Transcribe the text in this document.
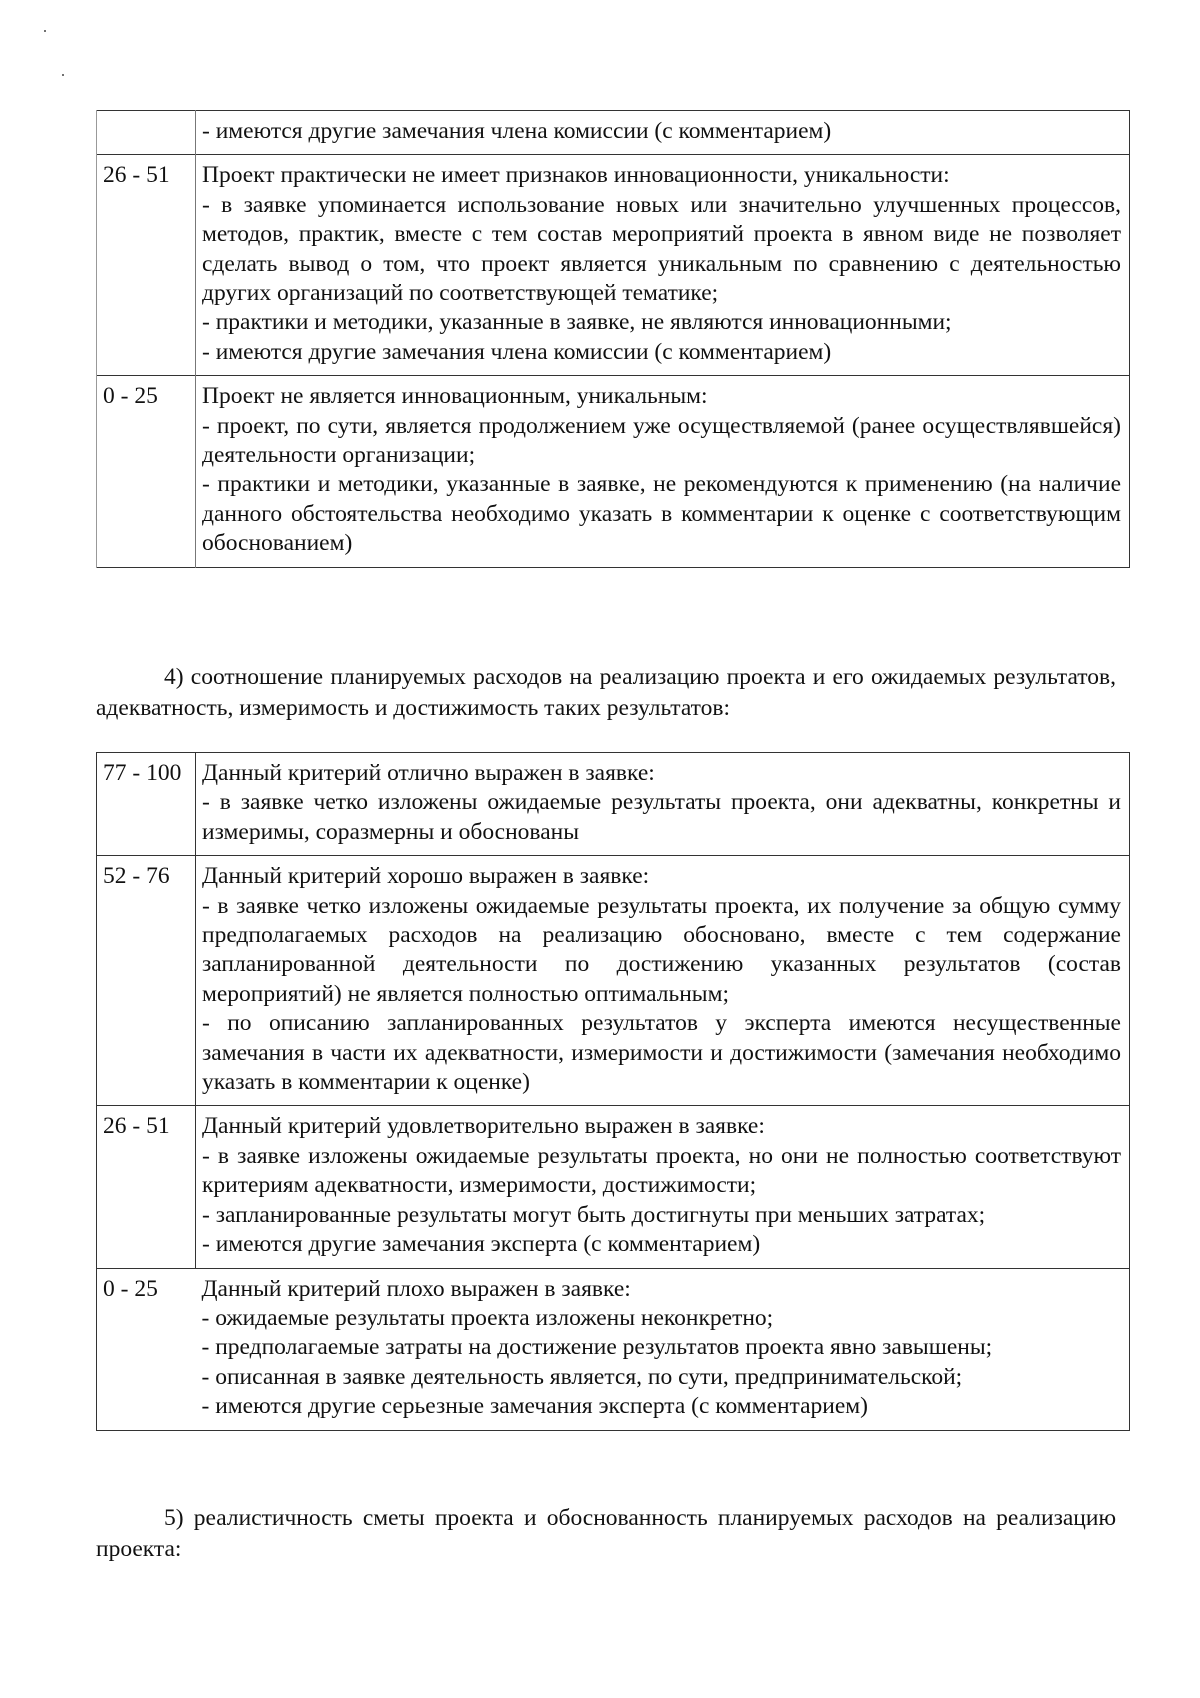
	- имеются другие замечания члена комиссии (с комментарием)

26 - 51	Проект практически не имеет признаков инновационности, уникальности:
- в заявке упоминается использование новых или значительно улучшенных процессов, методов, практик, вместе с тем состав мероприятий проекта в явном виде не позволяет сделать вывод о том, что проект является уникальным по сравнению с деятельностью других организаций по соответствующей тематике;
- практики и методики, указанные в заявке, не являются инновационными;
- имеются другие замечания члена комиссии (с комментарием)

0 - 25	Проект не является инновационным, уникальным:
- проект, по сути, является продолжением уже осуществляемой (ранее осуществлявшейся) деятельности организации;
- практики и методики, указанные в заявке, не рекомендуются к применению (на наличие данного обстоятельства необходимо указать в комментарии к оценке с соответствующим обоснованием)

4) соотношение планируемых расходов на реализацию проекта и его ожидаемых результатов, адекватность, измеримость и достижимость таких результатов:

77 - 100	Данный критерий отлично выражен в заявке:
- в заявке четко изложены ожидаемые результаты проекта, они адекватны, конкретны и измеримы, соразмерны и обоснованы

52 - 76	Данный критерий хорошо выражен в заявке:
- в заявке четко изложены ожидаемые результаты проекта, их получение за общую сумму предполагаемых расходов на реализацию обосновано, вместе с тем содержание запланированной деятельности по достижению указанных результатов (состав мероприятий) не является полностью оптимальным;
- по описанию запланированных результатов у эксперта имеются несущественные замечания в части их адекватности, измеримости и достижимости (замечания необходимо указать в комментарии к оценке)

26 - 51	Данный критерий удовлетворительно выражен в заявке:
- в заявке изложены ожидаемые результаты проекта, но они не полностью соответствуют критериям адекватности, измеримости, достижимости;
- запланированные результаты могут быть достигнуты при меньших затратах;
- имеются другие замечания эксперта (с комментарием)

0 - 25	Данный критерий плохо выражен в заявке:
- ожидаемые результаты проекта изложены неконкретно;
- предполагаемые затраты на достижение результатов проекта явно завышены;
- описанная в заявке деятельность является, по сути, предпринимательской;
- имеются другие серьезные замечания эксперта (с комментарием)

5) реалистичность сметы проекта и обоснованность планируемых расходов на реализацию проекта:
